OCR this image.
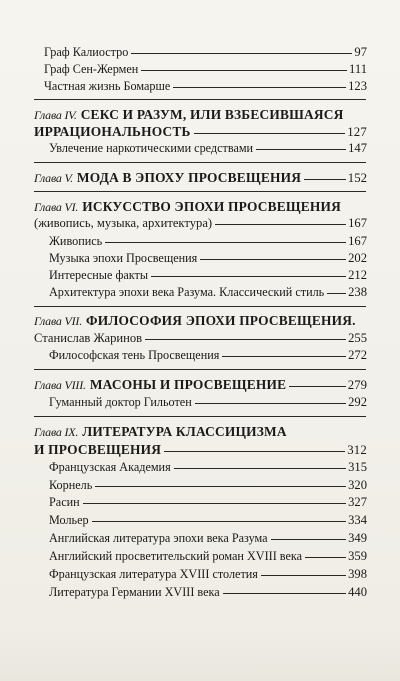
Граф Калиостро	97
Граф Сен-Жермен	111
Частная жизнь Бомарше	123
Глава IV. СЕКС И РАЗУМ, ИЛИ ВЗБЕСИВШАЯСЯ
ИРРАЦИОНАЛЬНОСТЬ	127
Увлечение наркотическими средствами	147
Глава V. МОДА В ЭПОХУ ПРОСВЕЩЕНИЯ	152
Глава VI. ИСКУССТВО ЭПОХИ ПРОСВЕЩЕНИЯ
(живопись, музыка, архитектура)	167
Живопись	167
Музыка эпохи Просвещения	202
Интересные факты	212
Архитектура эпохи века Разума. Классический стиль 238
Глава VII. ФИЛОСОФИЯ ЭПОХИ ПРОСВЕЩЕНИЯ .
Станислав Жаринов	255
Философская тень Просвещения	272
Глава VIII. МАСОНЫ И ПРОСВЕЩЕНИЕ	279
Гуманный доктор Гильотен	292
Глава IX. ЛИТЕРАТУРА КЛАССИЦИЗМА
И ПРОСВЕЩЕНИЯ	312
Французская Академия	315
Корнель	320
Расин	327
Мольер	334
Английская литература эпохи века Разума	349
Английский просветительский роман XVIII века	359
Французская литература XVIII столетия	398
Литература Германии XVIII века	440
